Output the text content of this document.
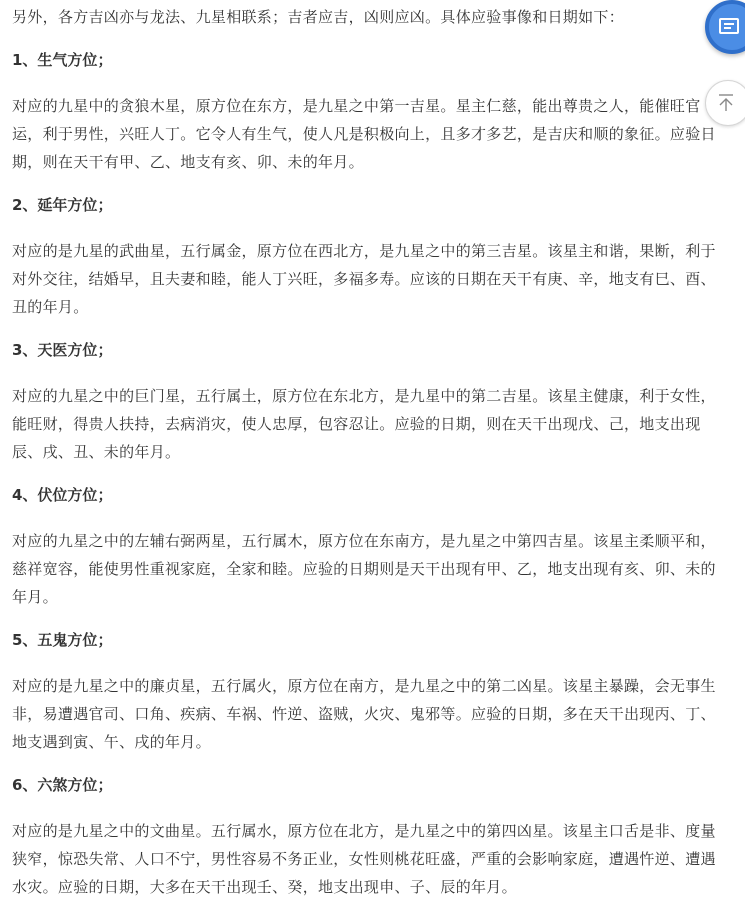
另外，各方吉凶亦与龙法、九星相联系；吉者应吉，凶则应凶。具体应验事像和日期如下：

1、生气方位；

对应的九星中的贪狼木星，原方位在东方，是九星之中第一吉星。星主仁慈，能出尊贵之人，能催旺官运，利于男性，兴旺人丁。它令人有生气，使人凡是积极向上，且多才多艺，是吉庆和顺的象征。应验日期，则在天干有甲、乙、地支有亥、卯、未的年月。

2、延年方位；

对应的是九星的武曲星，五行属金，原方位在西北方，是九星之中的第三吉星。该星主和谐，果断，利于对外交往，结婚早，且夫妻和睦，能人丁兴旺，多福多寿。应该的日期在天干有庚、辛，地支有巳、酉、丑的年月。

3、天医方位；

对应的九星之中的巨门星，五行属土，原方位在东北方，是九星中的第二吉星。该星主健康，利于女性，能旺财，得贵人扶持，去病消灾，使人忠厚，包容忍让。应验的日期，则在天干出现戊、己，地支出现辰、戌、丑、未的年月。

4、伏位方位；

对应的九星之中的左辅右弼两星，五行属木，原方位在东南方，是九星之中第四吉星。该星主柔顺平和，慈祥宽容，能使男性重视家庭，全家和睦。应验的日期则是天干出现有甲、乙，地支出现有亥、卯、未的年月。

5、五鬼方位；

对应的是九星之中的廉贞星，五行属火，原方位在南方，是九星之中的第二凶星。该星主暴躁，会无事生非，易遭遇官司、口角、疾病、车祸、忤逆、盗贼，火灾、鬼邪等。应验的日期，多在天干出现丙、丁、地支遇到寅、午、戌的年月。

6、六煞方位；

对应的是九星之中的文曲星。五行属水，原方位在北方，是九星之中的第四凶星。该星主口舌是非、度量狭窄，惊恐失常、人口不宁，男性容易不务正业，女性则桃花旺盛，严重的会影响家庭，遭遇忤逆、遭遇水灾。应验的日期，大多在天干出现壬、癸，地支出现申、子、辰的年月。
